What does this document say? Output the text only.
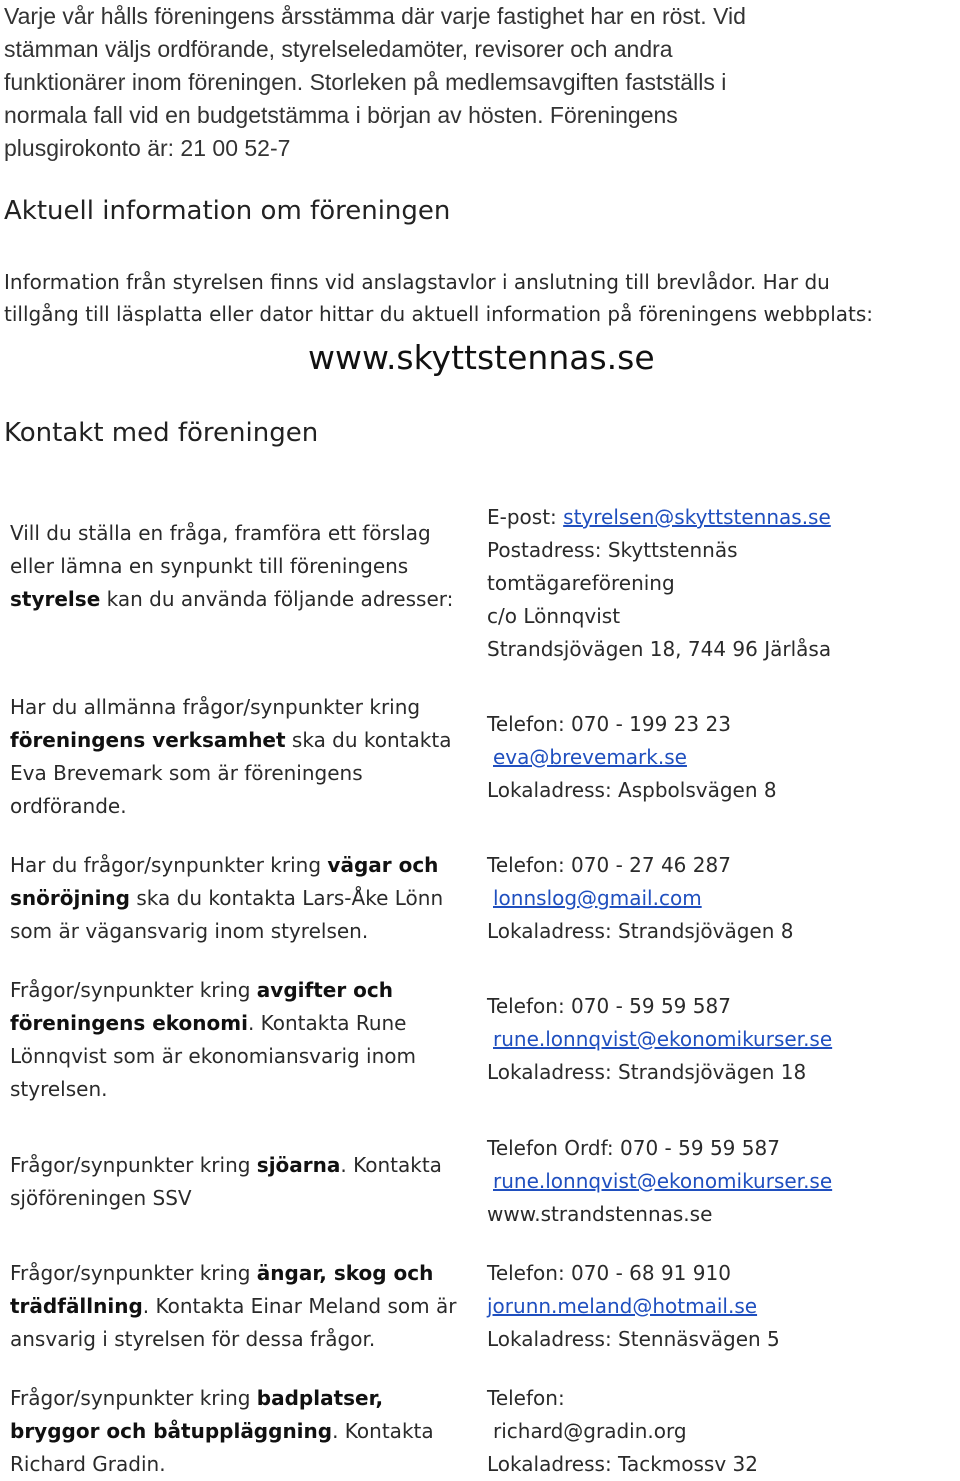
Varje vår hålls föreningens årsstämma där varje fastighet har en röst. Vid

stämman väljs ordförande, styrelseledamöter, revisorer och andra

funktionärer inom föreningen. Storleken på medlemsavgiften fastställs i

normala fall vid en budgetstämma i början av hösten. Föreningens

plusgirokonto är: 21 00 52-7

Aktuell information om föreningen

Information från styrelsen finns vid anslagstavlor i anslutning till brevlådor. Har du

tillgång till läsplatta eller dator hittar du aktuell information på föreningens webbplats:

www.skyttstennas.se

Kontakt med föreningen

Vill du ställa en fråga, framföra ett förslag eller lämna en synpunkt till föreningens styrelse kan du använda följande adresser:

Har du allmänna frågor/synpunkter kring föreningens verksamhet ska du kontakta Eva Brevemark som är föreningens ordförande.

Har du frågor/synpunkter kring vägar och snöröjning ska du kontakta Lars-Åke Lönn som är vägansvarig inom styrelsen.

Frågor/synpunkter kring avgifter och föreningens ekonomi. Kontakta Rune Lönnqvist som är ekonomiansvarig inom styrelsen.

Frågor/synpunkter kring sjöarna. Kontakta sjöföreningen SSV

Frågor/synpunkter kring ängar, skog och trädfällning. Kontakta Einar Meland som är ansvarig i styrelsen för dessa frågor.

Frågor/synpunkter kring badplatser, bryggor och båtuppläggning. Kontakta Richard Gradin.

E-post: styrelsen@skyttstennas.se

Postadress: Skyttstennäs

tomtägareförening

c/o Lönnqvist

Strandsjövägen 18, 744 96 Järlåsa

Telefon: 070 - 199 23 23

eva@brevemark.se

Lokaladress: Aspbolsvägen 8

Telefon: 070 - 27 46 287

lonnslog@gmail.com

Lokaladress: Strandsjövägen 8

Telefon: 070 - 59 59 587

rune.lonnqvist@ekonomikurser.se

Lokaladress: Strandsjövägen 18

Telefon Ordf: 070 - 59 59 587

rune.lonnqvist@ekonomikurser.se

www.strandstennas.se

Telefon: 070 - 68 91 910

jorunn.meland@hotmail.se

Lokaladress: Stennäsvägen 5

Telefon:

richard@gradin.org

Lokaladress: Tackmossv 32
